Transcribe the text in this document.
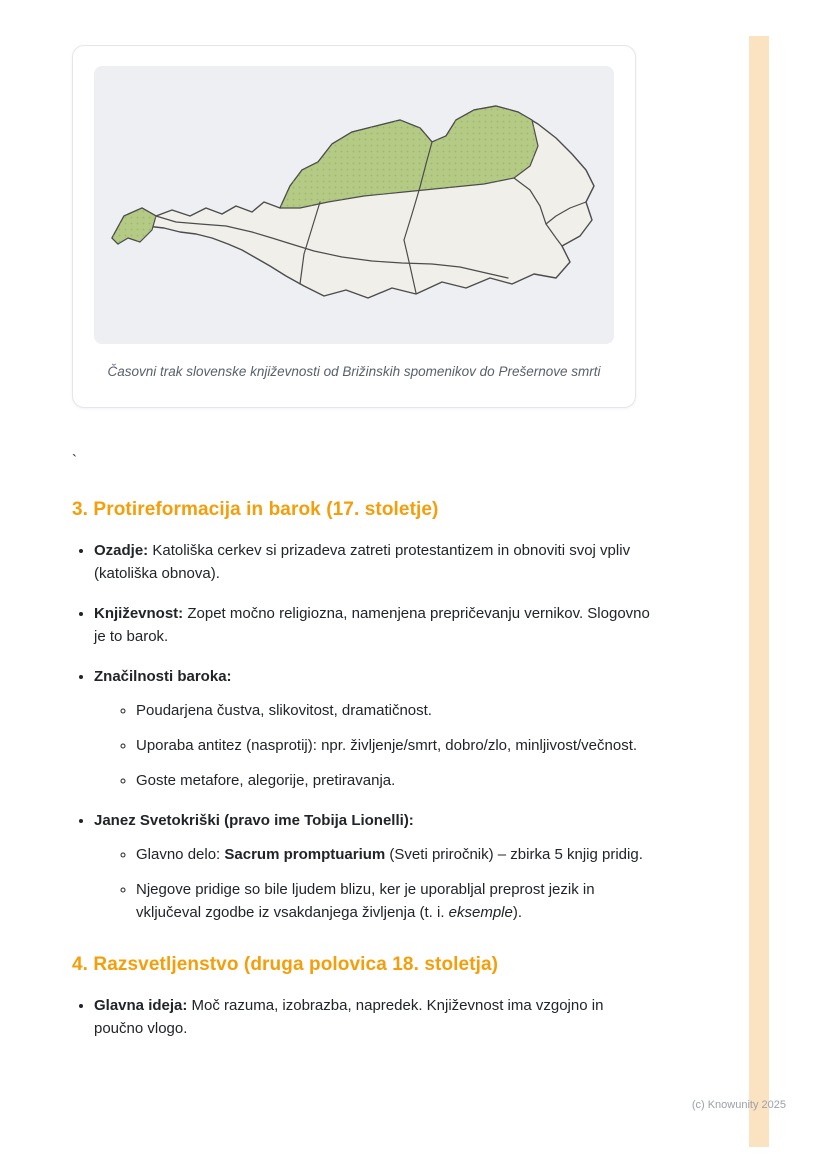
Časovni trak slovenske književnosti od Brižinskih spomenikov do Prešernove smrti

`

3. Protireformacija in barok (17. stoletje)
• Ozadje: Katoliška cerkev si prizadeva zatreti protestantizem in obnoviti svoj vpliv (katoliška obnova).
• Književnost: Zopet močno religiozna, namenjena prepričevanju vernikov. Slogovno je to barok.
• Značilnosti baroka:
◦ Poudarjena čustva, slikovitost, dramatičnost.
◦ Uporaba antitez (nasprotij): npr. življenje/smrt, dobro/zlo, minljivost/večnost.
◦ Goste metafore, alegorije, pretiravanja.
• Janez Svetokriški (pravo ime Tobija Lionelli):
◦ Glavno delo: Sacrum promptuarium (Sveti priročnik) – zbirka 5 knjig pridig.
◦ Njegove pridige so bile ljudem blizu, ker je uporabljal preprost jezik in vključeval zgodbe iz vsakdanjega življenja (t. i. eksemple).
4. Razsvetljenstvo (druga polovica 18. stoletja)
• Glavna ideja: Moč razuma, izobrazba, napredek. Književnost ima vzgojno in poučno vlogo.
(c) Knowunity 2025
